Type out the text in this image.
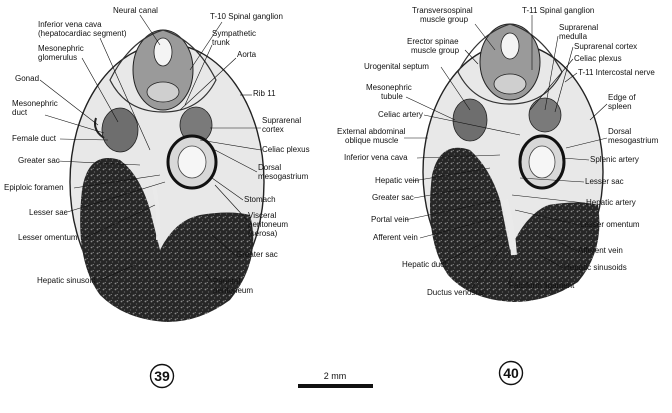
Neural canal
T-10 Spinal ganglion
Inferior vena cava
(hepatocardiac segment)	Sympathetic
trunk
Mesonephric
glomerulus	Aorta
Gonad
Rib 11
Mesonephric
duct
Suprarenal
cortex
Female duct
Celiac plexus
Greater sac
Dorsal
mesogastrium
Epiploic foramen
Stomach
Lesser sac	Visceral
peritoneum
(serosa)
Lesser omentum
Greater sac
Hepatic sinusoid	Parietal
peritoneum
Transversospinal
muscle group
T-11 Spinal ganglion
Suprarenal
medulla
Erector spinae
muscle group	Suprarenal cortex
Urogenital septum
Celiac plexus
T-11 Intercostal nerve
Mesonephric
tubule	Edge of
spleen
Celiac artery
External abdominal
oblique muscle
Dorsal
mesogastrium
Inferior vena cava	Splenic artery
Hepatic vein	Lesser sac
Greater sac
Hepatic artery
Portal vein
Lesser omentum
Afferent vein
Afferent vein
Hepatic duct	Hepatic sinusoids
Falciform ligament
Ductus venosus
39	40
2 mm
